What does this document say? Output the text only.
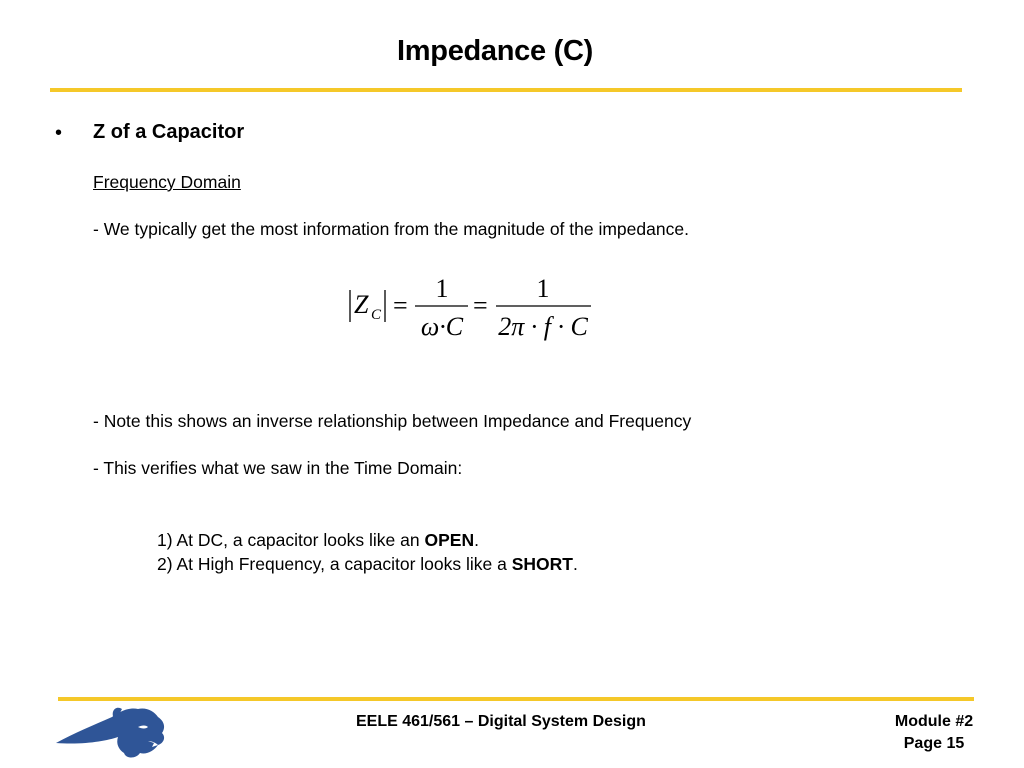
Impedance (C)
• Z of a Capacitor
Frequency Domain
- We typically get the most information from the magnitude of the impedance.
Z C =
1
ω·C
=
1
2π · f · C
- Note this shows an inverse relationship between Impedance and Frequency
- This verifies what we saw in the Time Domain:
1) At DC, a capacitor looks like an OPEN.
2) At High Frequency, a capacitor looks like a SHORT.
EELE 461/561 – Digital System Design	Module #2
Page 15
